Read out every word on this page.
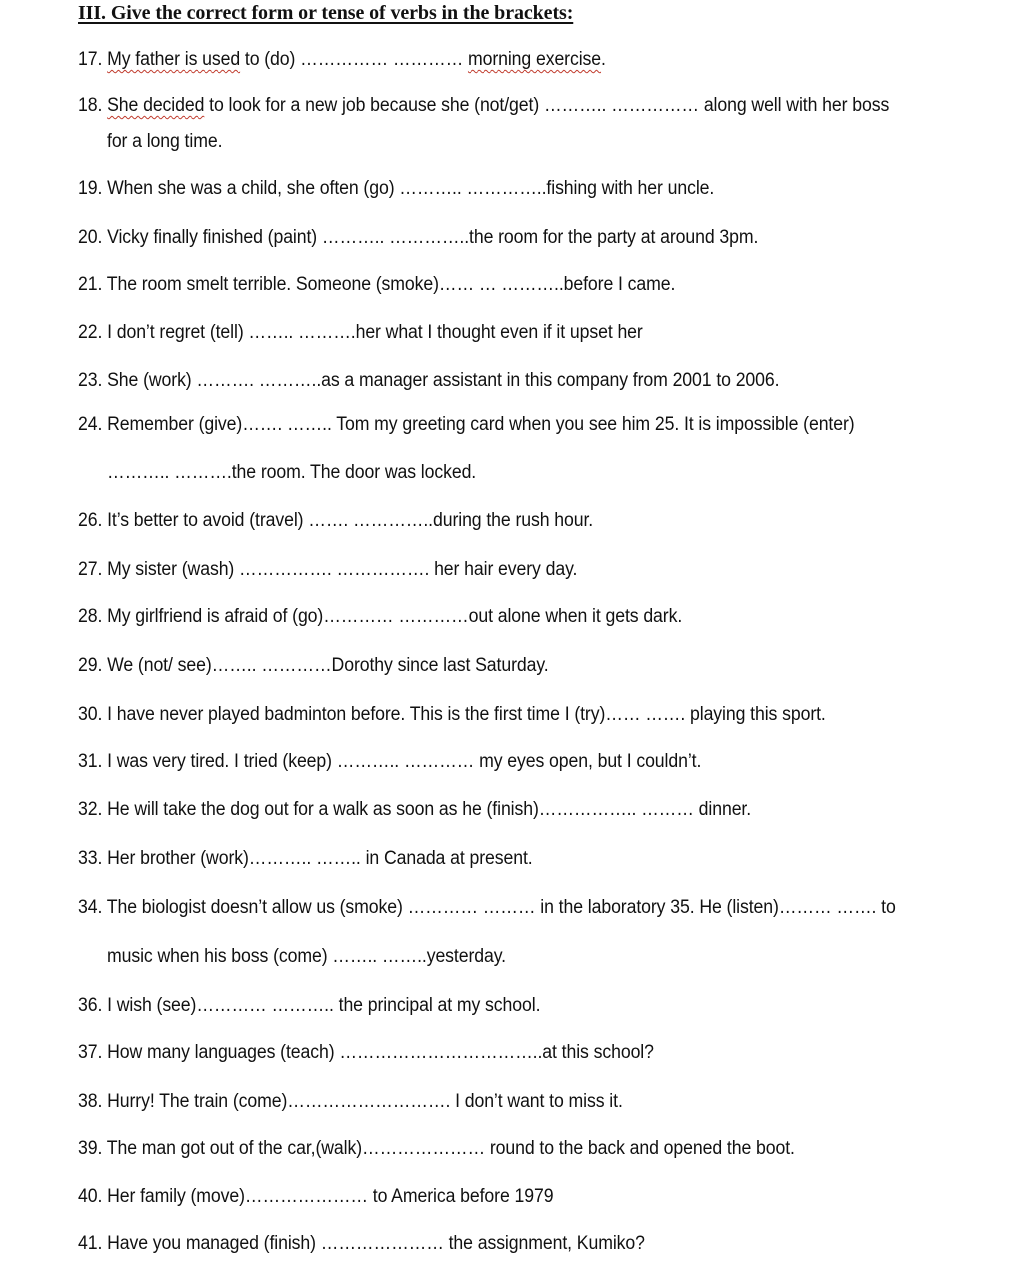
III. Give the correct form or tense of verbs in the brackets:
17. My father is used to (do) …………… ………… morning exercise.
18. She decided to look for a new job because she (not/get) ……….. …………… along well with her boss
for a long time.
19. When she was a child, she often (go) ……….. …………..fishing with her uncle.
20. Vicky finally finished (paint) ……….. …………..the room for the party at around 3pm.
21. The room smelt terrible. Someone (smoke)…… … ………..before I came.
22. I don’t regret (tell) …….. ……….her what I thought even if it upset her
23. She (work) ………. ………..as a manager assistant in this company from 2001 to 2006.
24. Remember (give)……. …….. Tom my greeting card when you see him 25. It is impossible (enter)
……….. ……….the room. The door was locked.
26. It’s better to avoid (travel) ……. …………..during the rush hour.
27. My sister (wash) ……………. ……………. her hair every day.
28. My girlfriend is afraid of (go)………… …………out alone when it gets dark.
29. We (not/ see)…….. …………Dorothy since last Saturday.
30. I have never played badminton before. This is the first time I (try)…… ……. playing this sport.
31. I was very tired. I tried (keep) ……….. ………… my eyes open, but I couldn’t.
32. He will take the dog out for a walk as soon as he (finish)…………….. ……… dinner.
33. Her brother (work)……….. …….. in Canada at present.
34. The biologist doesn’t allow us (smoke) ………… ……… in the laboratory 35. He (listen)……… ……. to
music when his boss (come) …….. ……..yesterday.
36. I wish (see)………… ……….. the principal at my school.
37. How many languages (teach) ……………………………..at this school?
38. Hurry! The train (come)………………………. I don’t want to miss it.
39. The man got out of the car,(walk)………………… round to the back and opened the boot.
40. Her family (move)………………… to America before 1979
41. Have you managed (finish) ………………… the assignment, Kumiko?
